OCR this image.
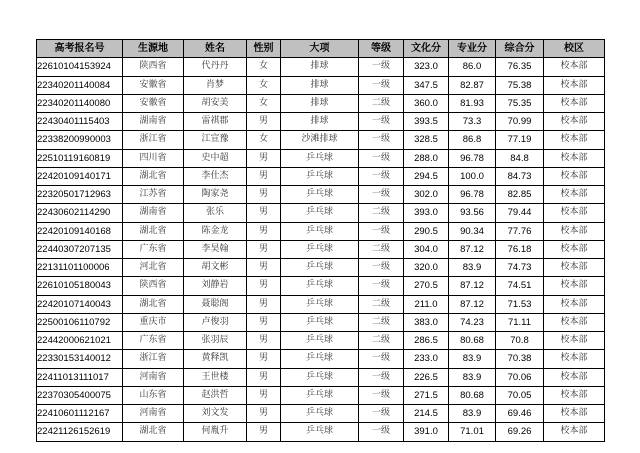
高考报名号	生源地	姓名	性别	大项	等级	文化分	专业分	综合分	校区
22610104153924	陕西省	代丹丹	女	排球	一级	323.0	86.0	76.35	校本部
22340201140084	安徽省	肖梦	女	排球	一级	347.5	82.87	75.38	校本部
22340201140080	安徽省	胡安美	女	排球	二级	360.0	81.93	75.35	校本部
22430401115403	湖南省	雷祺郡	男	排球	一级	393.5	73.3	70.99	校本部
22338200990003	浙江省	江宣豫	女	沙滩排球	一级	328.5	86.8	77.19	校本部
22510119160819	四川省	史中超	男	乒乓球	一级	288.0	96.78	84.8	校本部
22420109140171	湖北省	李仕杰	男	乒乓球	一级	294.5	100.0	84.73	校本部
22320501712963	江苏省	陶家尧	男	乒乓球	一级	302.0	96.78	82.85	校本部
22430602114290	湖南省	张乐	男	乒乓球	二级	393.0	93.56	79.44	校本部
22420109140168	湖北省	陈金龙	男	乒乓球	一级	290.5	90.34	77.76	校本部
22440307207135	广东省	李昊翰	男	乒乓球	二级	304.0	87.12	76.18	校本部
22131101100006	河北省	胡文彬	男	乒乓球	一级	320.0	83.9	74.73	校本部
22610105180043	陕西省	刘静岩	男	乒乓球	一级	270.5	87.12	74.51	校本部
22420107140043	湖北省	聂聪阁	男	乒乓球	二级	211.0	87.12	71.53	校本部
22500106110792	重庆市	卢俊羽	男	乒乓球	二级	383.0	74.23	71.11	校本部
22442000621021	广东省	张羽辰	男	乒乓球	二级	286.5	80.68	70.8	校本部
22330153140012	浙江省	黄释凯	男	乒乓球	一级	233.0	83.9	70.38	校本部
22411013111017	河南省	王世楼	男	乒乓球	一级	226.5	83.9	70.06	校本部
22370305400075	山东省	赵洪哲	男	乒乓球	一级	271.5	80.68	70.05	校本部
22410601112167	河南省	刘文发	男	乒乓球	一级	214.5	83.9	69.46	校本部
22421126152619	湖北省	何胤升	男	乒乓球	一级	391.0	71.01	69.26	校本部
